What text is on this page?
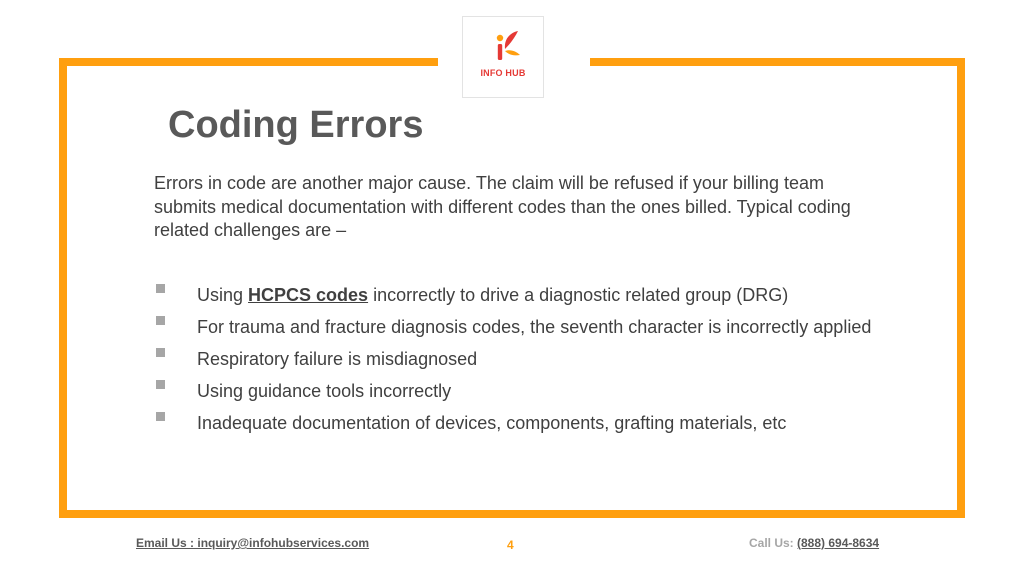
INFO HUB
Coding Errors

Errors in code are another major cause. The claim will be refused if your billing team submits medical documentation with different codes than the ones billed. Typical coding related challenges are –

Using HCPCS codes incorrectly to drive a diagnostic related group (DRG)
For trauma and fracture diagnosis codes, the seventh character is incorrectly applied
Respiratory failure is misdiagnosed
Using guidance tools incorrectly
Inadequate documentation of devices, components, grafting materials, etc
Email Us : inquiry@infohubservices.com	4	Call Us: (888) 694-8634
